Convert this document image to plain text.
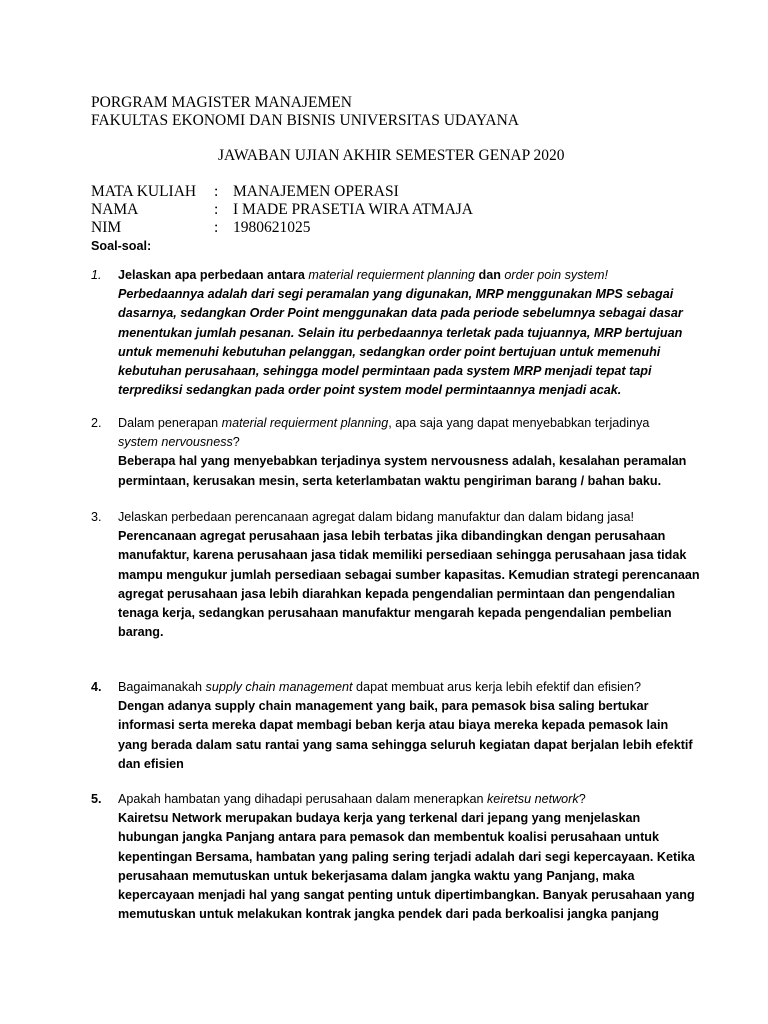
PORGRAM MAGISTER MANAJEMEN
FAKULTAS EKONOMI DAN BISNIS UNIVERSITAS UDAYANA
JAWABAN UJIAN AKHIR SEMESTER GENAP 2020
MATA KULIAH : MANAJEMEN OPERASI
NAMA	: I MADE PRASETIA WIRA ATMAJA
NIM	: 1980621025
Soal-soal:
1. Jelaskan apa perbedaan antara material requierment planning dan order poin system!
Perbedaannya adalah dari segi peramalan yang digunakan, MRP menggunakan MPS sebagai
dasarnya, sedangkan Order Point menggunakan data pada periode sebelumnya sebagai dasar
menentukan jumlah pesanan. Selain itu perbedaannya terletak pada tujuannya, MRP bertujuan
untuk memenuhi kebutuhan pelanggan, sedangkan order point bertujuan untuk memenuhi
kebutuhan perusahaan, sehingga model permintaan pada system MRP menjadi tepat tapi
terprediksi sedangkan pada order point system model permintaannya menjadi acak.
2. Dalam penerapan material requierment planning, apa saja yang dapat menyebabkan terjadinya
system nervousness?
Beberapa hal yang menyebabkan terjadinya system nervousness adalah, kesalahan peramalan
permintaan, kerusakan mesin, serta keterlambatan waktu pengiriman barang / bahan baku.
3. Jelaskan perbedaan perencanaan agregat dalam bidang manufaktur dan dalam bidang jasa!
Perencanaan agregat perusahaan jasa lebih terbatas jika dibandingkan dengan perusahaan
manufaktur, karena perusahaan jasa tidak memiliki persediaan sehingga perusahaan jasa tidak
mampu mengukur jumlah persediaan sebagai sumber kapasitas. Kemudian strategi perencanaan
agregat perusahaan jasa lebih diarahkan kepada pengendalian permintaan dan pengendalian
tenaga kerja, sedangkan perusahaan manufaktur mengarah kepada pengendalian pembelian
barang.
4. Bagaimanakah supply chain management dapat membuat arus kerja lebih efektif dan efisien?
Dengan adanya supply chain management yang baik, para pemasok bisa saling bertukar
informasi serta mereka dapat membagi beban kerja atau biaya mereka kepada pemasok lain
yang berada dalam satu rantai yang sama sehingga seluruh kegiatan dapat berjalan lebih efektif
dan efisien
5. Apakah hambatan yang dihadapi perusahaan dalam menerapkan keiretsu network?
Kairetsu Network merupakan budaya kerja yang terkenal dari jepang yang menjelaskan
hubungan jangka Panjang antara para pemasok dan membentuk koalisi perusahaan untuk
kepentingan Bersama, hambatan yang paling sering terjadi adalah dari segi kepercayaan. Ketika
perusahaan memutuskan untuk bekerjasama dalam jangka waktu yang Panjang, maka
kepercayaan menjadi hal yang sangat penting untuk dipertimbangkan. Banyak perusahaan yang
memutuskan untuk melakukan kontrak jangka pendek dari pada berkoalisi jangka panjang
